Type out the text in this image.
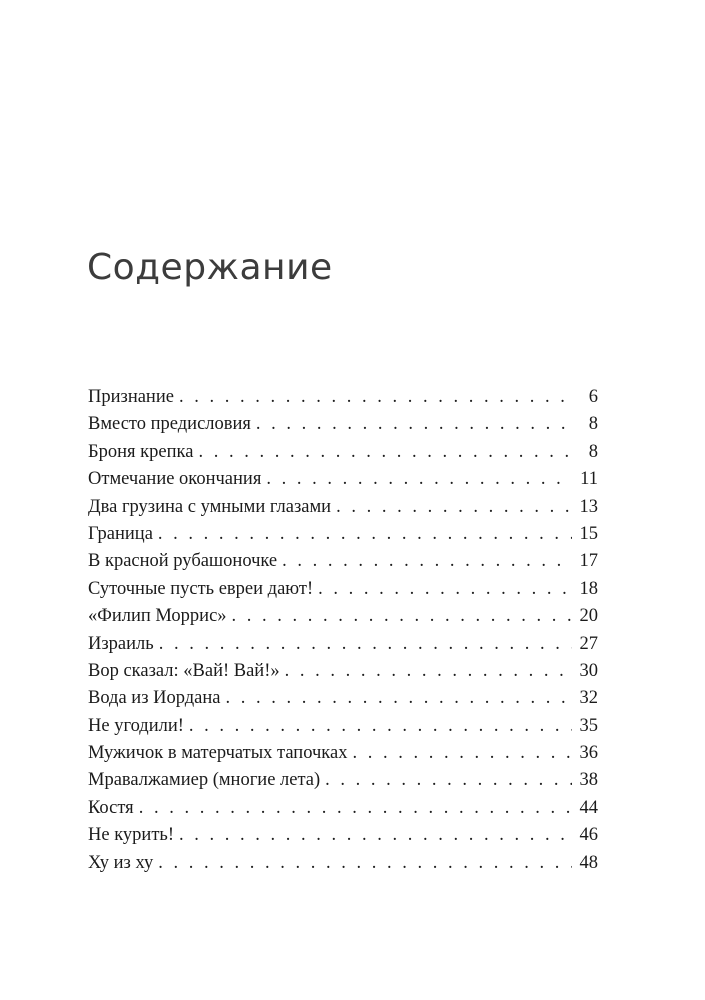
Содержание
Признание . . .	6
Вместо предисловия . . .	8
Броня крепка . . .	8
Отмечание окончания . . .	11
Два грузина с умными глазами . . .	13
Граница . . .	15
В красной рубашоночке . . .	17
Суточные пусть евреи дают! . . .	18
«Филип Моррис» . . .	20
Израиль . . .	27
Вор сказал: «Вай! Вай!» . . .	30
Вода из Иордана . . .	32
Не угодили! . . .	35
Мужичок в матерчатых тапочках . . .	36
Мравалжамиер (многие лета) . . .	38
Костя . . .	44
Не курить! . . .	46
Ху из ху . . .	48
